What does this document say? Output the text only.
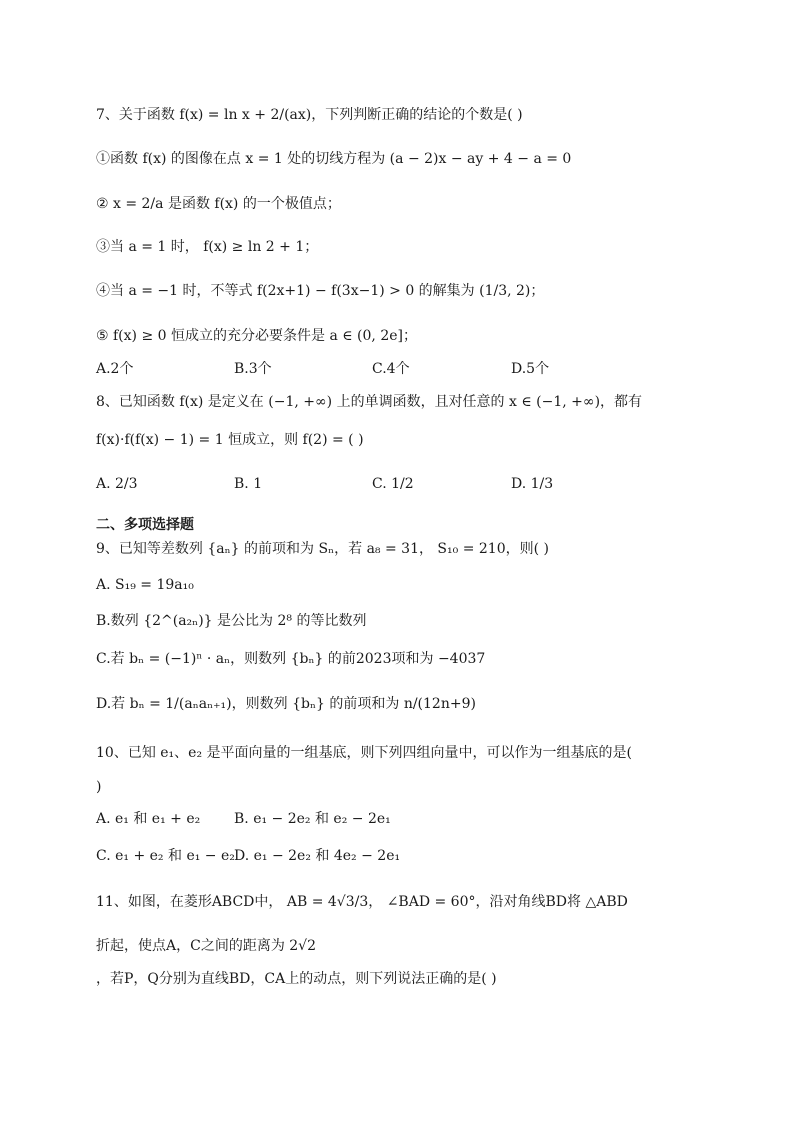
7、关于函数 f(x) = ln x + 2/(ax)，下列判断正确的结论的个数是( )
①函数 f(x) 的图像在点 x = 1 处的切线方程为 (a − 2)x − ay + 4 − a = 0
② x = 2/a 是函数 f(x) 的一个极值点；
③当 a = 1 时， f(x) ≥ ln 2 + 1；
④当 a = −1 时，不等式 f(2x+1) − f(3x−1) > 0 的解集为 (1/3, 2)；
⑤ f(x) ≥ 0 恒成立的充分必要条件是 a ∈ (0, 2e]；
A.2个	B.3个	C.4个	D.5个
8、已知函数 f(x) 是定义在 (−1, +∞) 上的单调函数，且对任意的 x ∈ (−1, +∞)，都有
f(x)·f(f(x) − 1) = 1 恒成立，则 f(2) = ( )
A. 2/3	B. 1	C. 1/2	D. 1/3
二、多项选择题
9、已知等差数列 {aₙ} 的前项和为 Sₙ，若 a₈ = 31， S₁₀ = 210，则( )
A. S₁₉ = 19a₁₀
B.数列 {2^(a₂ₙ)} 是公比为 2⁸ 的等比数列
C.若 bₙ = (−1)ⁿ · aₙ，则数列 {bₙ} 的前2023项和为 −4037
D.若 bₙ = 1/(aₙaₙ₊₁)，则数列 {bₙ} 的前项和为 n/(12n+9)
10、已知 e₁、e₂ 是平面向量的一组基底，则下列四组向量中，可以作为一组基底的是(
)
A. e₁ 和 e₁ + e₂ B. e₁ − 2e₂ 和 e₂ − 2e₁
C. e₁ + e₂ 和 e₁ − e₂ D. e₁ − 2e₂ 和 4e₂ − 2e₁
11、如图，在菱形ABCD中， AB = 4√3/3， ∠BAD = 60°，沿对角线BD将 △ABD
折起，使点A，C之间的距离为 2√2
，若P，Q分别为直线BD，CA上的动点，则下列说法正确的是( )
